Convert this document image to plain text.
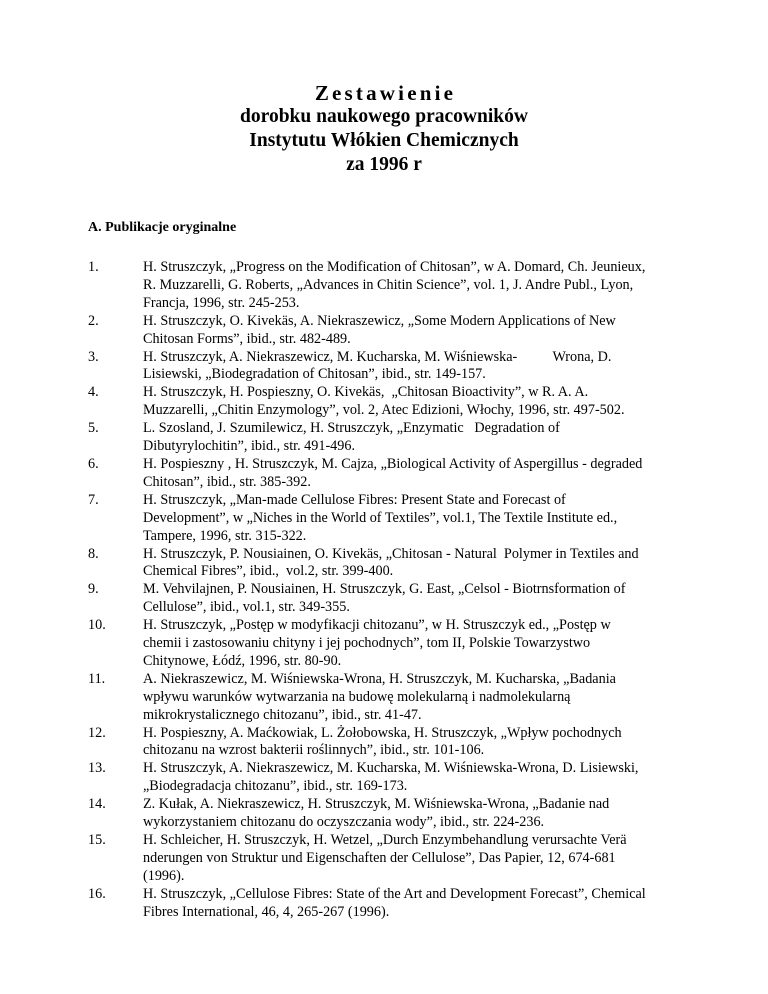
Zestawienie
dorobku naukowego pracowników
Instytutu Włókien Chemicznych
za 1996 r
A. Publikacje oryginalne
1.	H. Struszczyk, „Progress on the Modification of Chitosan”, w A. Domard, Ch. Jeunieux,
R. Muzzarelli, G. Roberts, „Advances in Chitin Science”, vol. 1, J. Andre Publ., Lyon,
Francja, 1996, str. 245-253.
2.	H. Struszczyk, O. Kivekäs, A. Niekraszewicz, „Some Modern Applications of New
Chitosan Forms”, ibid., str. 482-489.
3.	H. Struszczyk, A. Niekraszewicz, M. Kucharska, M. Wiśniewska-          Wrona, D.
Lisiewski, „Biodegradation of Chitosan”, ibid., str. 149-157.
4.	H. Struszczyk, H. Pospieszny, O. Kivekäs,  „Chitosan Bioactivity”, w R. A. A.
Muzzarelli, „Chitin Enzymology”, vol. 2, Atec Edizioni, Włochy, 1996, str. 497-502.
5.	L. Szosland, J. Szumilewicz, H. Struszczyk, „Enzymatic   Degradation of
Dibutyrylochitin”, ibid., str. 491-496.
6.	H. Pospieszny , H. Struszczyk, M. Cajza, „Biological Activity of Aspergillus - degraded
Chitosan”, ibid., str. 385-392.
7.	H. Struszczyk, „Man-made Cellulose Fibres: Present State and Forecast of
Development”, w „Niches in the World of Textiles”, vol.1, The Textile Institute ed.,
Tampere, 1996, str. 315-322.
8.	H. Struszczyk, P. Nousiainen, O. Kivekäs, „Chitosan - Natural  Polymer in Textiles and
Chemical Fibres”, ibid.,  vol.2, str. 399-400.
9.	M. Vehvilajnen, P. Nousiainen, H. Struszczyk, G. East, „Celsol - Biotrnsformation of
Cellulose”, ibid., vol.1, str. 349-355.
10.	H. Struszczyk, „Postęp w modyfikacji chitozanu”, w H. Struszczyk ed., „Postęp w
chemii i zastosowaniu chityny i jej pochodnych”, tom II, Polskie Towarzystwo
Chitynowe, Łódź, 1996, str. 80-90.
11.	A. Niekraszewicz, M. Wiśniewska-Wrona, H. Struszczyk, M. Kucharska, „Badania
wpływu warunków wytwarzania na budowę molekularną i nadmolekularną
mikrokrystalicznego chitozanu”, ibid., str. 41-47.
12.	H. Pospieszny, A. Maćkowiak, L. Żołobowska, H. Struszczyk, „Wpływ pochodnych
chitozanu na wzrost bakterii roślinnych”, ibid., str. 101-106.
13.	H. Struszczyk, A. Niekraszewicz, M. Kucharska, M. Wiśniewska-Wrona, D. Lisiewski,
„Biodegradacja chitozanu”, ibid., str. 169-173.
14.	Z. Kułak, A. Niekraszewicz, H. Struszczyk, M. Wiśniewska-Wrona, „Badanie nad
wykorzystaniem chitozanu do oczyszczania wody”, ibid., str. 224-236.
15.	H. Schleicher, H. Struszczyk, H. Wetzel, „Durch Enzymbehandlung verursachte Verä
nderungen von Struktur und Eigenschaften der Cellulose”, Das Papier, 12, 674-681
(1996).
16.	H. Struszczyk, „Cellulose Fibres: State of the Art and Development Forecast”, Chemical
Fibres International, 46, 4, 265-267 (1996).
